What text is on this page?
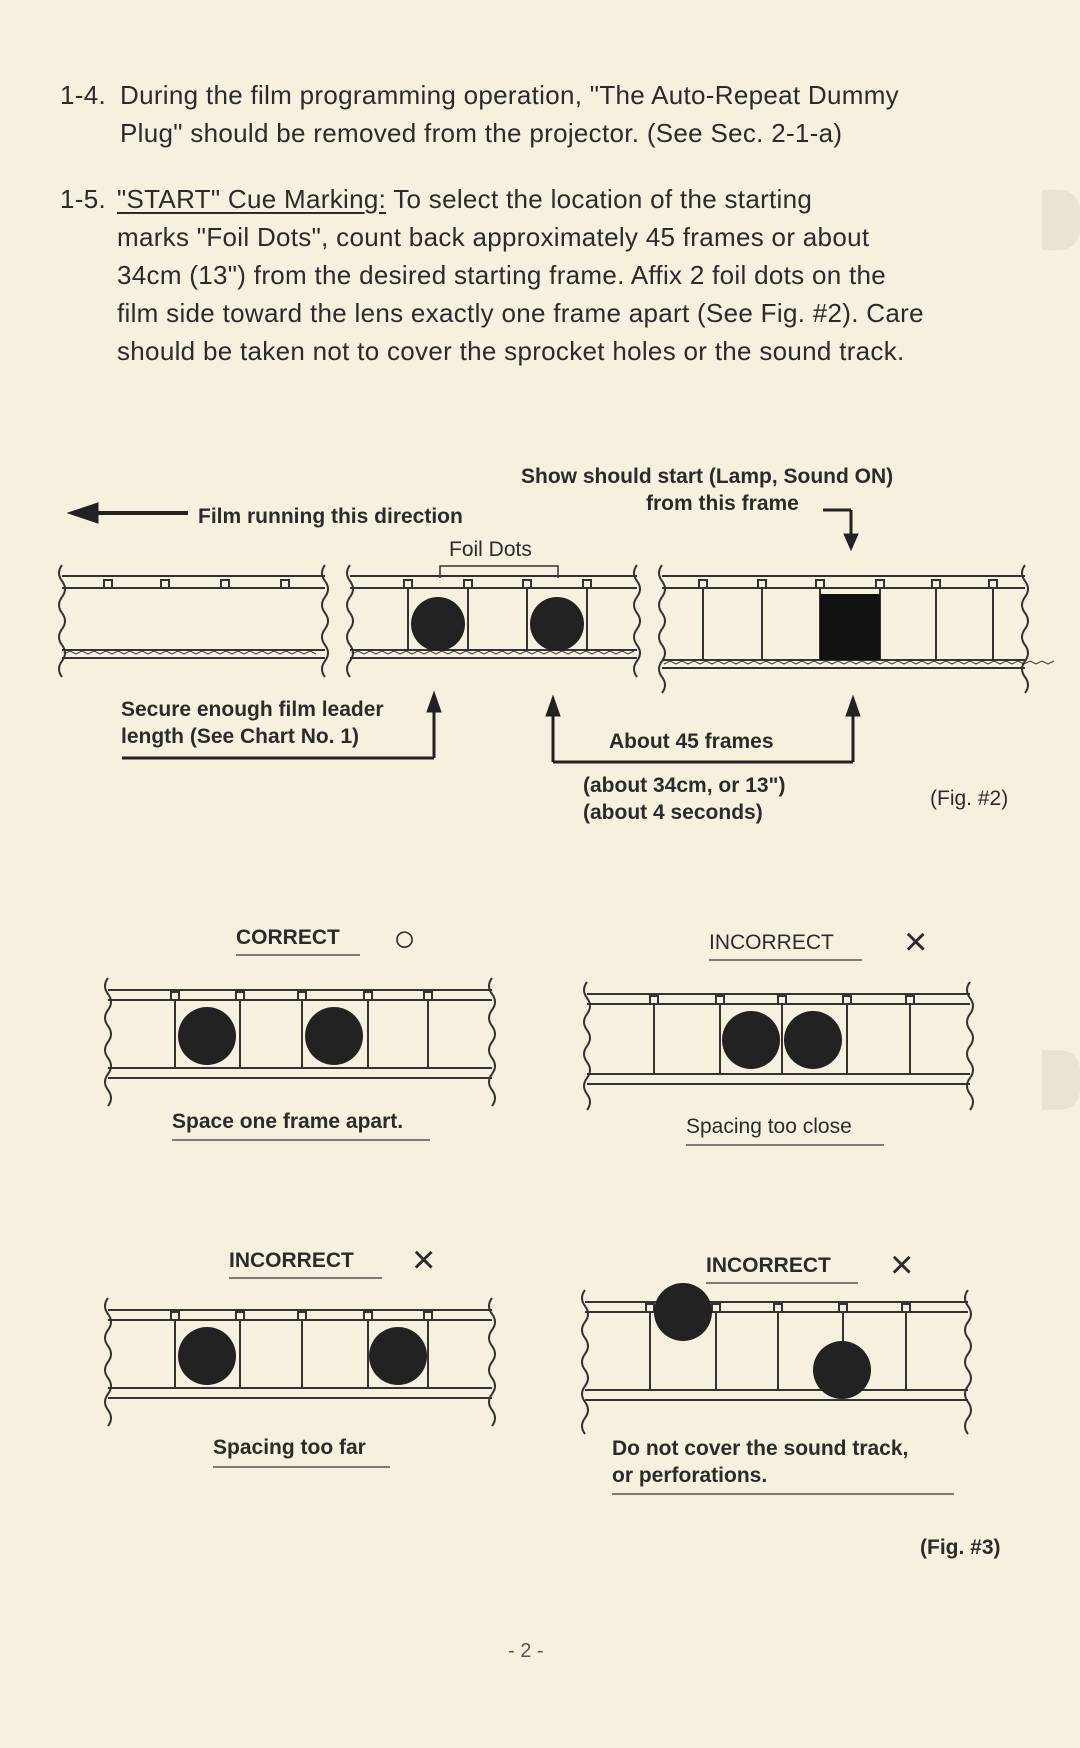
1-4. During the film programming operation, "The Auto-Repeat Dummy
Plug" should be removed from the projector. (See Sec. 2-1-a)
1-5. "START" Cue Marking: To select the location of the starting
marks "Foil Dots", count back approximately 45 frames or about
34cm (13") from the desired starting frame. Affix 2 foil dots on the
film side toward the lens exactly one frame apart (See Fig. #2). Care
should be taken not to cover the sprocket holes or the sound track.
Film running this direction
Show should start (Lamp, Sound ON)
from this frame
Foil Dots
Secure enough film leader
length (See Chart No. 1)	About 45 frames
(about 34cm, or 13")
(about 4 seconds)
(Fig. #2)
CORRECT ○
Space one frame apart.
INCORRECT ×
Spacing too close
INCORRECT ×
Spacing too far
INCORRECT ×
Do not cover the sound track,
or perforations.
(Fig. #3)
- 2 -
